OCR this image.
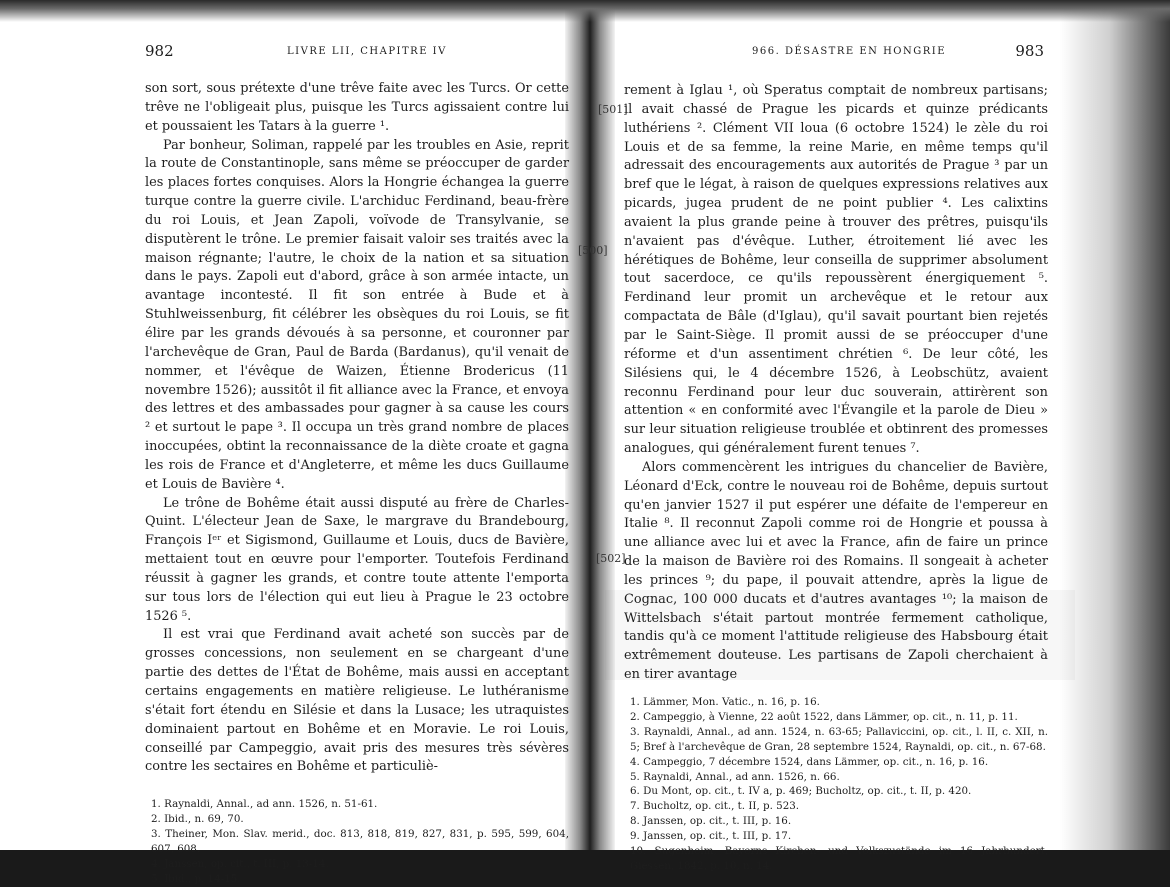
982	LIVRE LII, CHAPITRE IV

son sort, sous prétexte d'une trêve faite avec les Turcs. Or cette trêve ne l'obligeait plus, puisque les Turcs agissaient contre lui et poussaient les Tatars à la guerre ¹.

Par bonheur, Soliman, rappelé par les troubles en Asie, reprit la route de Constantinople, sans même se préoccuper de garder les places fortes conquises. Alors la Hongrie échangea la guerre turque contre la guerre civile. L'archiduc Ferdinand, beau-frère du roi Louis, et Jean Zapoli, voïvode de Transylvanie, se disputèrent le trône. Le premier faisait valoir ses traités avec la maison régnante; l'autre, le choix de la nation et sa situation dans le pays. Zapoli eut d'abord, grâce à son armée intacte, un avantage incontesté. Il fit son entrée à Bude et à Stuhlweissenburg, fit célébrer les obsèques du roi Louis, se fit élire par les grands dévoués à sa personne, et couronner par l'archevêque de Gran, Paul de Barda (Bardanus), qu'il venait de nommer, et l'évêque de Waizen, Étienne Brodericus (11 novembre 1526); aussitôt il fit alliance avec la France, et envoya des lettres et des ambassades pour gagner à sa cause les cours ² et surtout le pape ³. Il occupa un très grand nombre de places inoccupées, obtint la reconnaissance de la diète croate et gagna les rois de France et d'Angleterre, et même les ducs Guillaume et Louis de Bavière ⁴.

Le trône de Bohême était aussi disputé au frère de Charles-Quint. L'électeur Jean de Saxe, le margrave du Brandebourg, François Iᵉʳ et Sigismond, Guillaume et Louis, ducs de Bavière, mettaient tout en œuvre pour l'emporter. Toutefois Ferdinand réussit à gagner les grands, et contre toute attente l'emporta sur tous lors de l'élection qui eut lieu à Prague le 23 octobre 1526 ⁵.

Il est vrai que Ferdinand avait acheté son succès par de grosses concessions, non seulement en se chargeant d'une partie des dettes de l'État de Bohême, mais aussi en acceptant certains engagements en matière religieuse. Le luthéranisme s'était fort étendu en Silésie et dans la Lusace; les utraquistes dominaient partout en Bohême et en Moravie. Le roi Louis, conseillé par Campeggio, avait pris des mesures très sévères contre les sectaires en Bohême et particuliè-

1. Raynaldi, Annal., ad ann. 1526, n. 51-61.
2. Ibid., n. 69, 70.
3. Theiner, Mon. Slav. merid., doc. 813, 818, 819, 827, 831, p. 595, 599, 604, 607, 608.
4. Janssen, op. cit., t. III, p. 13-14.
5. Ibid., p. 14-15.
[500]
966. DÉSASTRE EN HONGRIE	983

rement à Iglau ¹, où Speratus comptait de nombreux partisans; il avait chassé de Prague les picards et quinze prédicants luthériens ². Clément VII loua (6 octobre 1524) le zèle du roi Louis et de sa femme, la reine Marie, en même temps qu'il adressait des encouragements aux autorités de Prague ³ par un bref que le légat, à raison de quelques expressions relatives aux picards, jugea prudent de ne point publier ⁴. Les calixtins avaient la plus grande peine à trouver des prêtres, puisqu'ils n'avaient pas d'évêque. Luther, étroitement lié avec les hérétiques de Bohême, leur conseilla de supprimer absolument tout sacerdoce, ce qu'ils repoussèrent énergiquement ⁵. Ferdinand leur promit un archevêque et le retour aux compactata de Bâle (d'Iglau), qu'il savait pourtant bien rejetés par le Saint-Siège. Il promit aussi de se préoccuper d'une réforme et d'un assentiment chrétien ⁶. De leur côté, les Silésiens qui, le 4 décembre 1526, à Leobschütz, avaient reconnu Ferdinand pour leur duc souverain, attirèrent son attention « en conformité avec l'Évangile et la parole de Dieu » sur leur situation religieuse troublée et obtinrent des promesses analogues, qui généralement furent tenues ⁷.

Alors commencèrent les intrigues du chancelier de Bavière, Léonard d'Eck, contre le nouveau roi de Bohême, depuis surtout qu'en janvier 1527 il put espérer une défaite de l'empereur en Italie ⁸. Il reconnut Zapoli comme roi de Hongrie et poussa à une alliance avec lui et avec la France, afin de faire un prince de la maison de Bavière roi des Romains. Il songeait à acheter les princes ⁹; du pape, il pouvait attendre, après la ligue de Cognac, 100 000 ducats et d'autres avantages ¹⁰; la maison de Wittelsbach s'était partout montrée fermement catholique, tandis qu'à ce moment l'attitude religieuse des Habsbourg était extrêmement douteuse. Les partisans de Zapoli cherchaient à en tirer avantage

1. Lämmer, Mon. Vatic., n. 16, p. 16.
2. Campeggio, à Vienne, 22 août 1522, dans Lämmer, op. cit., n. 11, p. 11.
3. Raynaldi, Annal., ad ann. 1524, n. 63-65; Pallaviccini, op. cit., l. II, c. XII, n. 5; Bref à l'archevêque de Gran, 28 septembre 1524, Raynaldi, op. cit., n. 67-68.
4. Campeggio, 7 décembre 1524, dans Lämmer, op. cit., n. 16, p. 16.
5. Raynaldi, Annal., ad ann. 1526, n. 66.
6. Du Mont, op. cit., t. IV a, p. 469; Bucholtz, op. cit., t. II, p. 420.
7. Bucholtz, op. cit., t. II, p. 523.
8. Janssen, op. cit., t. III, p. 16.
9. Janssen, op. cit., t. III, p. 17.
10. Sugenheim, Bayerns Kirchen- und Volkszustände im 16 Jahrhundert, Giessen, 1842, p. 10, n. 14.
[501]
[502]
